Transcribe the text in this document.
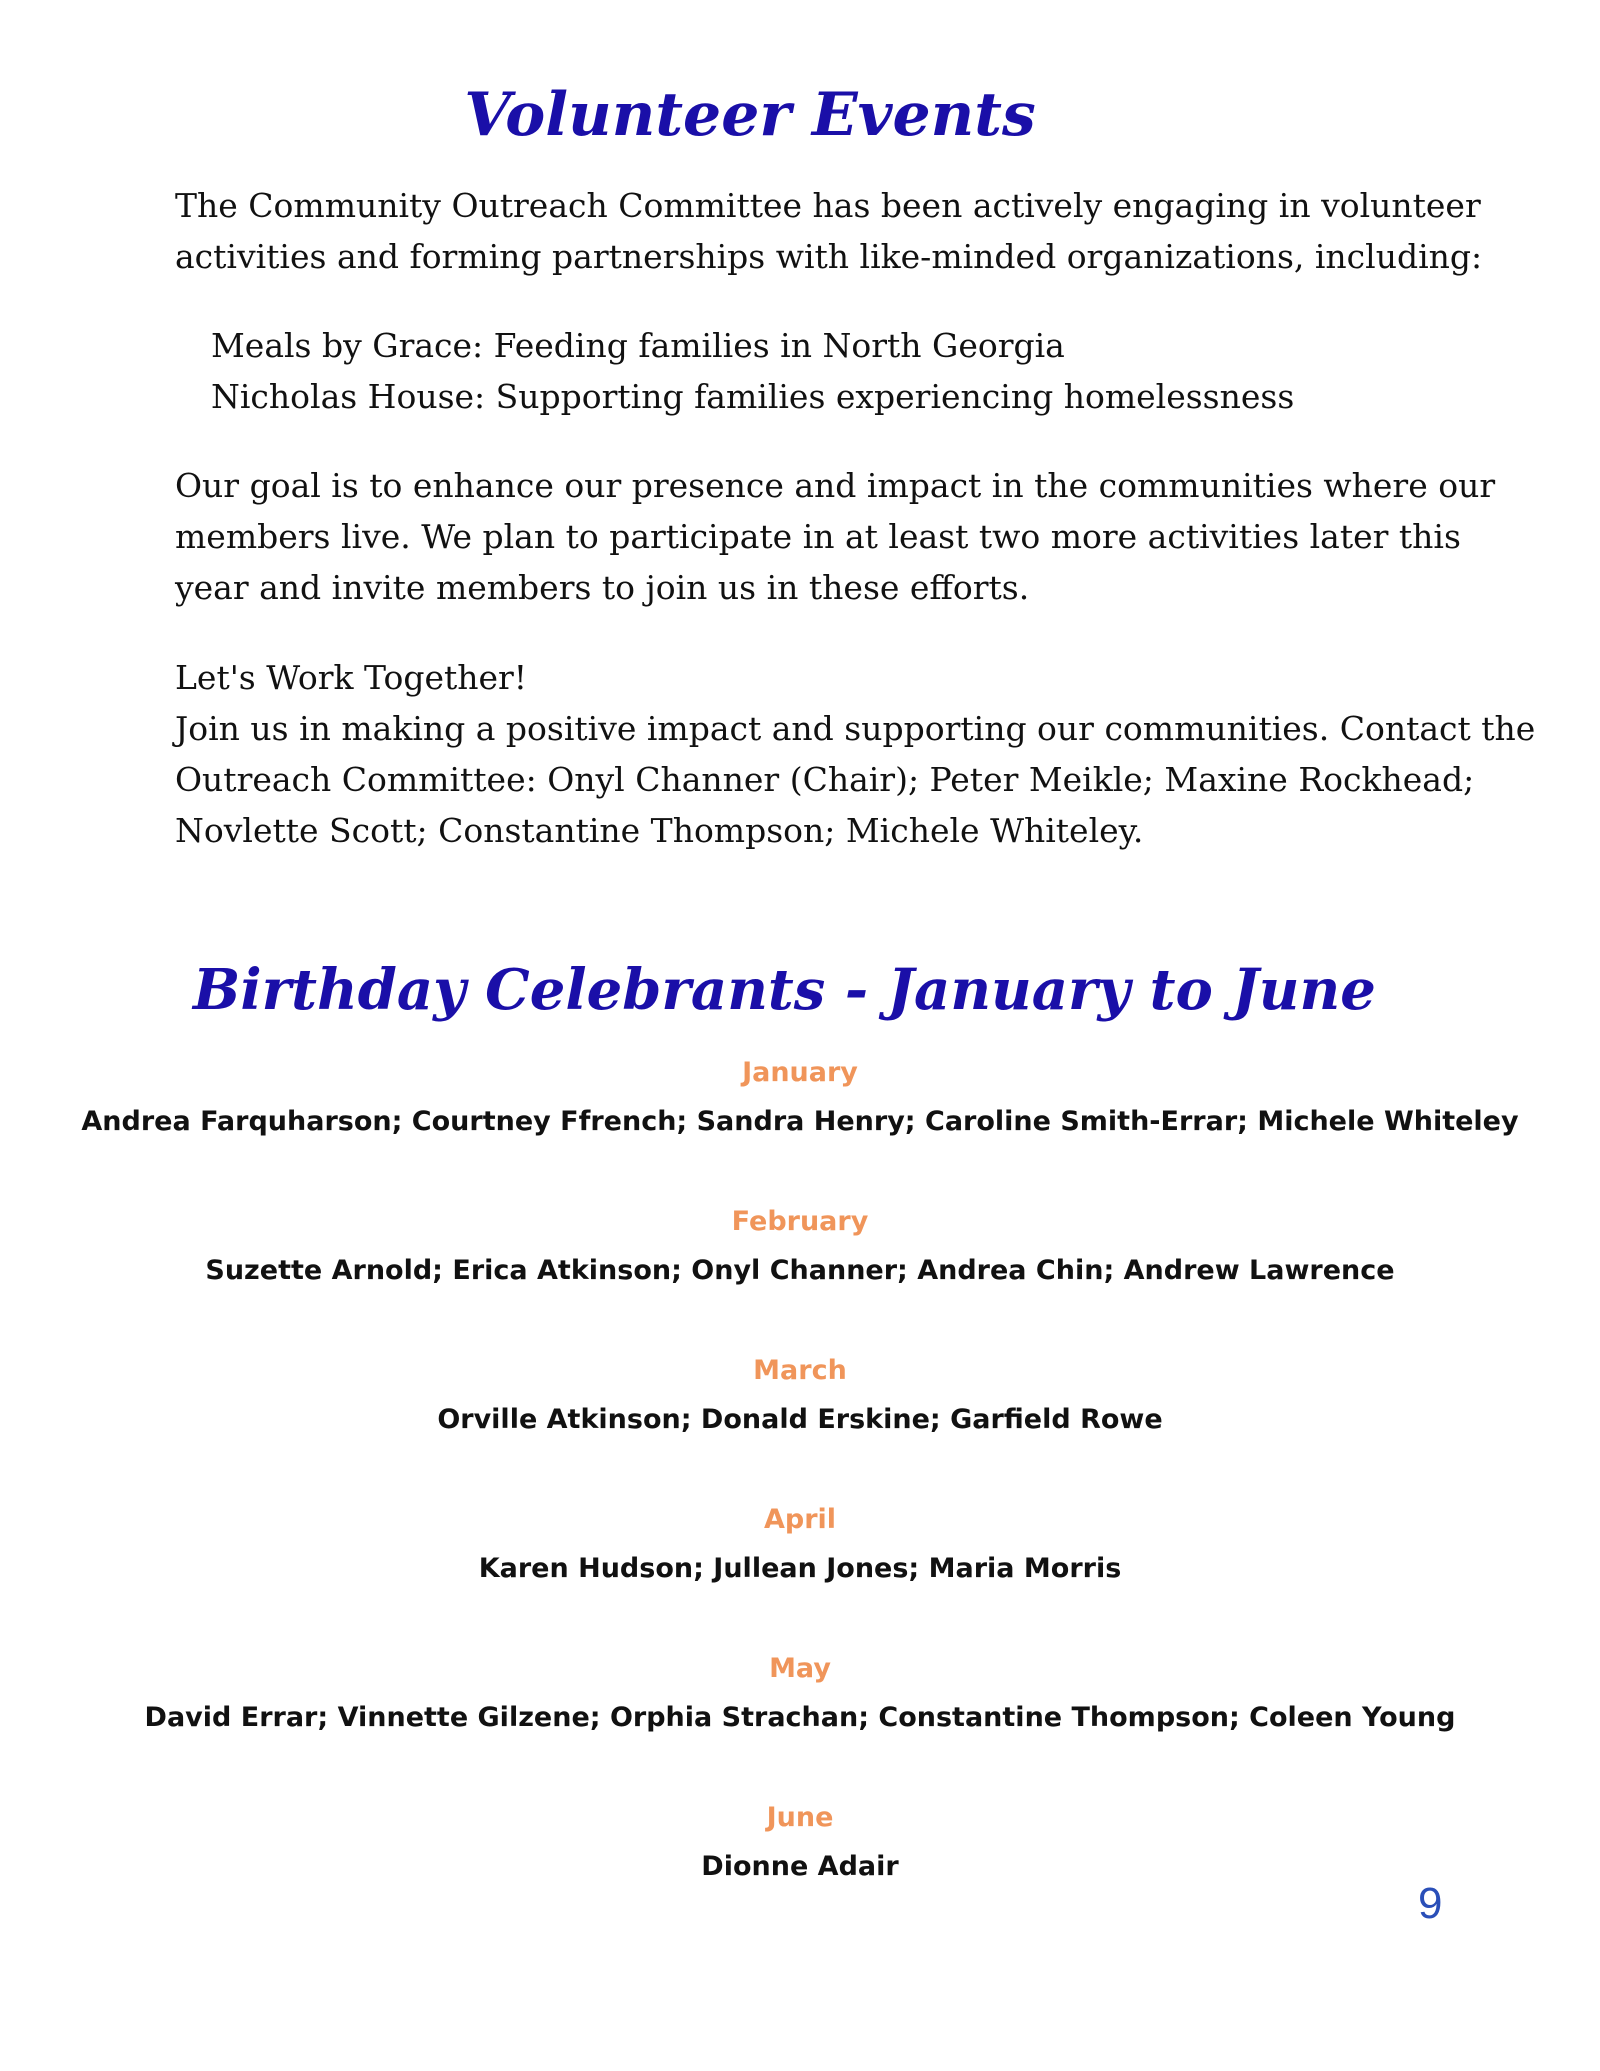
Volunteer Events

The Community Outreach Committee has been actively engaging in volunteer

activities and forming partnerships with like-minded organizations, including:

Meals by Grace: Feeding families in North Georgia

Nicholas House: Supporting families experiencing homelessness

Our goal is to enhance our presence and impact in the communities where our

members live. We plan to participate in at least two more activities later this

year and invite members to join us in these efforts.

Let's Work Together!

Join us in making a positive impact and supporting our communities. Contact the

Outreach Committee: Onyl Channer (Chair); Peter Meikle; Maxine Rockhead;

Novlette Scott; Constantine Thompson; Michele Whiteley.

Birthday Celebrants - January to June

January

Andrea Farquharson; Courtney Ffrench; Sandra Henry; Caroline Smith-Errar; Michele Whiteley

February

Suzette Arnold; Erica Atkinson; Onyl Channer; Andrea Chin; Andrew Lawrence

March

Orville Atkinson; Donald Erskine; Garfield Rowe

April

Karen Hudson; Jullean Jones; Maria Morris

May

David Errar; Vinnette Gilzene; Orphia Strachan; Constantine Thompson; Coleen Young

June

Dionne Adair

9
